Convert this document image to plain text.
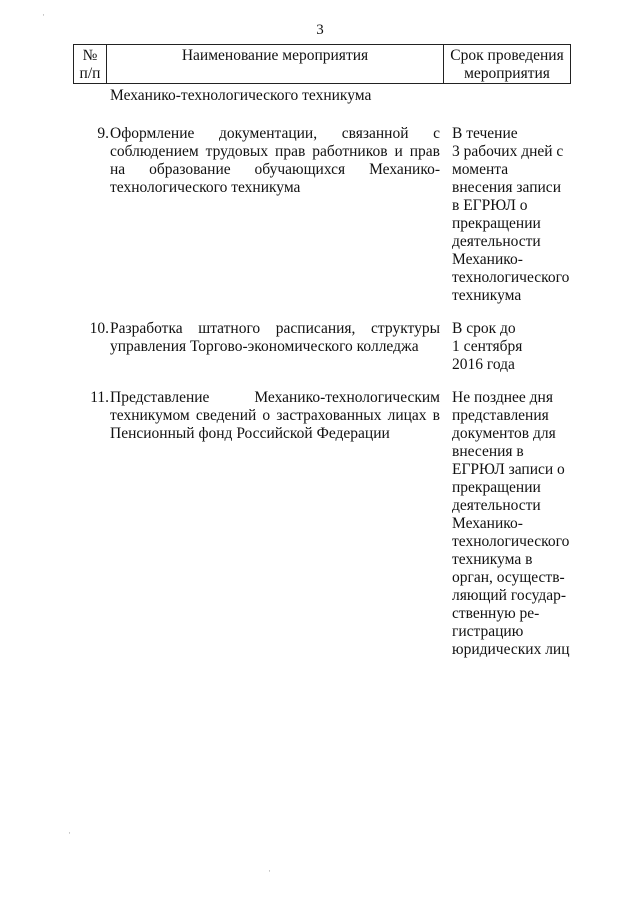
·
·
·
3
№
п/п
Наименование мероприятия	Срок проведения
мероприятия
Механико-технологического техникума
9. Оформление документации, связанной с соблюдением трудовых прав работников и прав на образование обучающихся Механико-технологического техникума
В течение
3 рабочих дней с
момента
внесения записи
в ЕГРЮЛ о
прекращении
деятельности
Механико-
технологического
техникума
10. Разработка штатного расписания, структуры управления Торгово-экономического колледжа
В срок до
1 сентября
2016 года
11. Представление Механико-технологическим техникумом сведений о застрахованных лицах в Пенсионный фонд Российской Федерации
Не позднее дня
представления
документов для
внесения в
ЕГРЮЛ записи о
прекращении
деятельности
Механико-
технологического
техникума в
орган, осуществ-
ляющий государ-
ственную ре-
гистрацию
юридических лиц
